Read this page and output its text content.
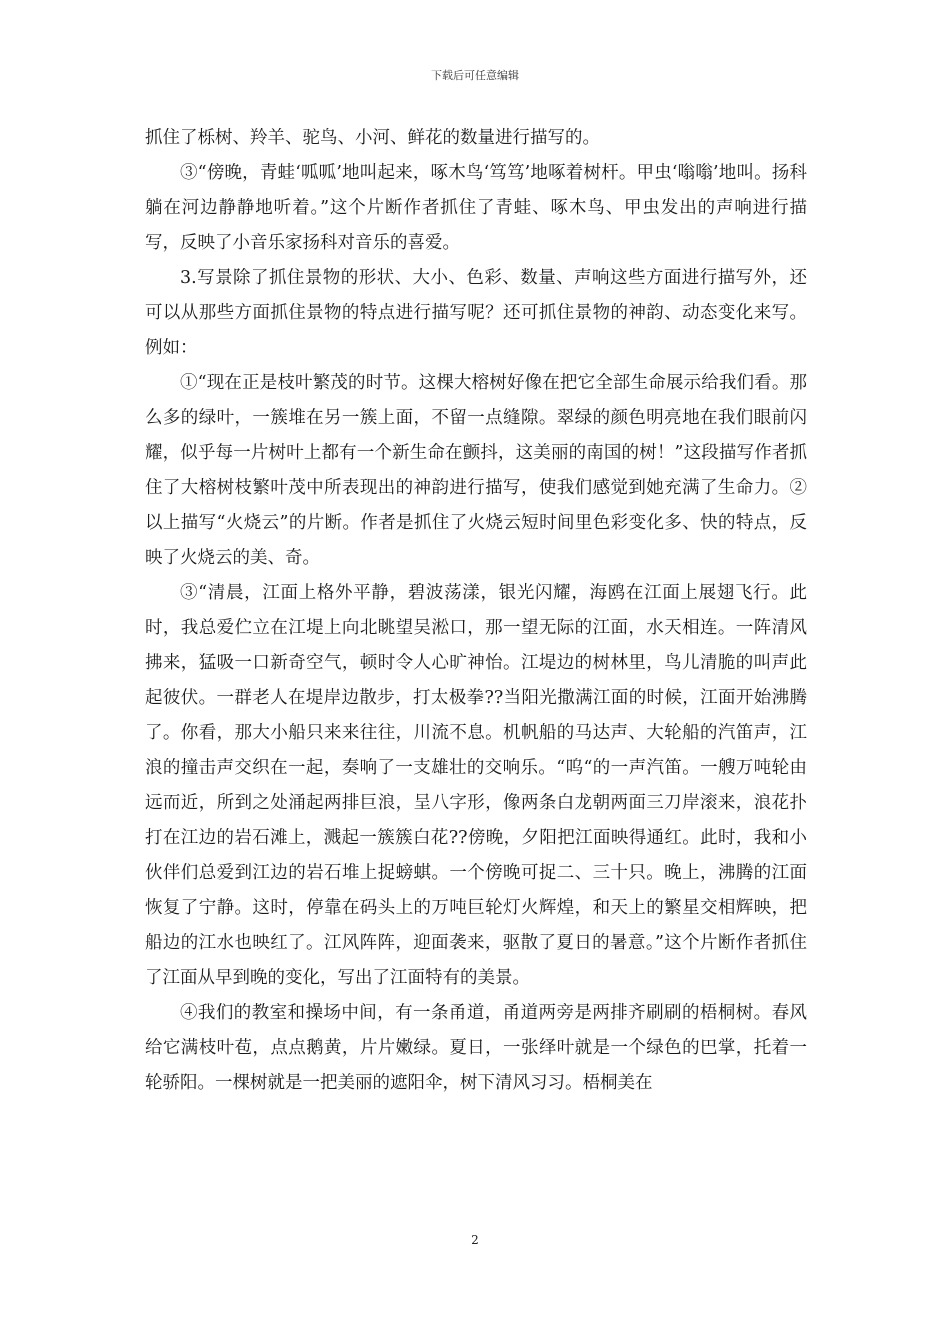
下载后可任意编辑

抓住了栎树、羚羊、驼鸟、小河、鲜花的数量进行描写的。

③“傍晚，青蛙‘呱呱’地叫起来，啄木鸟‘笃笃’地啄着树杆。甲虫‘嗡嗡’地叫。扬科躺在河边静静地听着。”这个片断作者抓住了青蛙、啄木鸟、甲虫发出的声响进行描写，反映了小音乐家扬科对音乐的喜爱。

3.写景除了抓住景物的形状、大小、色彩、数量、声响这些方面进行描写外，还可以从那些方面抓住景物的特点进行描写呢？还可抓住景物的神韵、动态变化来写。例如：

①“现在正是枝叶繁茂的时节。这棵大榕树好像在把它全部生命展示给我们看。那么多的绿叶，一簇堆在另一簇上面，不留一点缝隙。翠绿的颜色明亮地在我们眼前闪耀，似乎每一片树叶上都有一个新生命在颤抖，这美丽的南国的树！”这段描写作者抓住了大榕树枝繁叶茂中所表现出的神韵进行描写，使我们感觉到她充满了生命力。②以上描写“火烧云”的片断。作者是抓住了火烧云短时间里色彩变化多、快的特点，反映了火烧云的美、奇。

③“清晨，江面上格外平静，碧波荡漾，银光闪耀，海鸥在江面上展翅飞行。此时，我总爱伫立在江堤上向北眺望吴淞口，那一望无际的江面，水天相连。一阵清风拂来，猛吸一口新奇空气，顿时令人心旷神怡。江堤边的树林里，鸟儿清脆的叫声此起彼伏。一群老人在堤岸边散步，打太极拳??当阳光撒满江面的时候，江面开始沸腾了。你看，那大小船只来来往往，川流不息。机帆船的马达声、大轮船的汽笛声，江浪的撞击声交织在一起，奏响了一支雄壮的交响乐。“呜“的一声汽笛。一艘万吨轮由远而近，所到之处涌起两排巨浪，呈八字形，像两条白龙朝两面三刀岸滚来，浪花扑打在江边的岩石滩上，溅起一簇簇白花??傍晚，夕阳把江面映得通红。此时，我和小伙伴们总爱到江边的岩石堆上捉螃蜞。一个傍晚可捉二、三十只。晚上，沸腾的江面恢复了宁静。这时，停靠在码头上的万吨巨轮灯火辉煌，和天上的繁星交相辉映，把船边的江水也映红了。江风阵阵，迎面袭来，驱散了夏日的暑意。”这个片断作者抓住了江面从早到晚的变化，写出了江面特有的美景。

④我们的教室和操场中间，有一条甬道，甬道两旁是两排齐刷刷的梧桐树。春风给它满枝叶苞，点点鹅黄，片片嫩绿。夏日，一张绎叶就是一个绿色的巴掌，托着一轮骄阳。一棵树就是一把美丽的遮阳伞，树下清风习习。梧桐美在

2
